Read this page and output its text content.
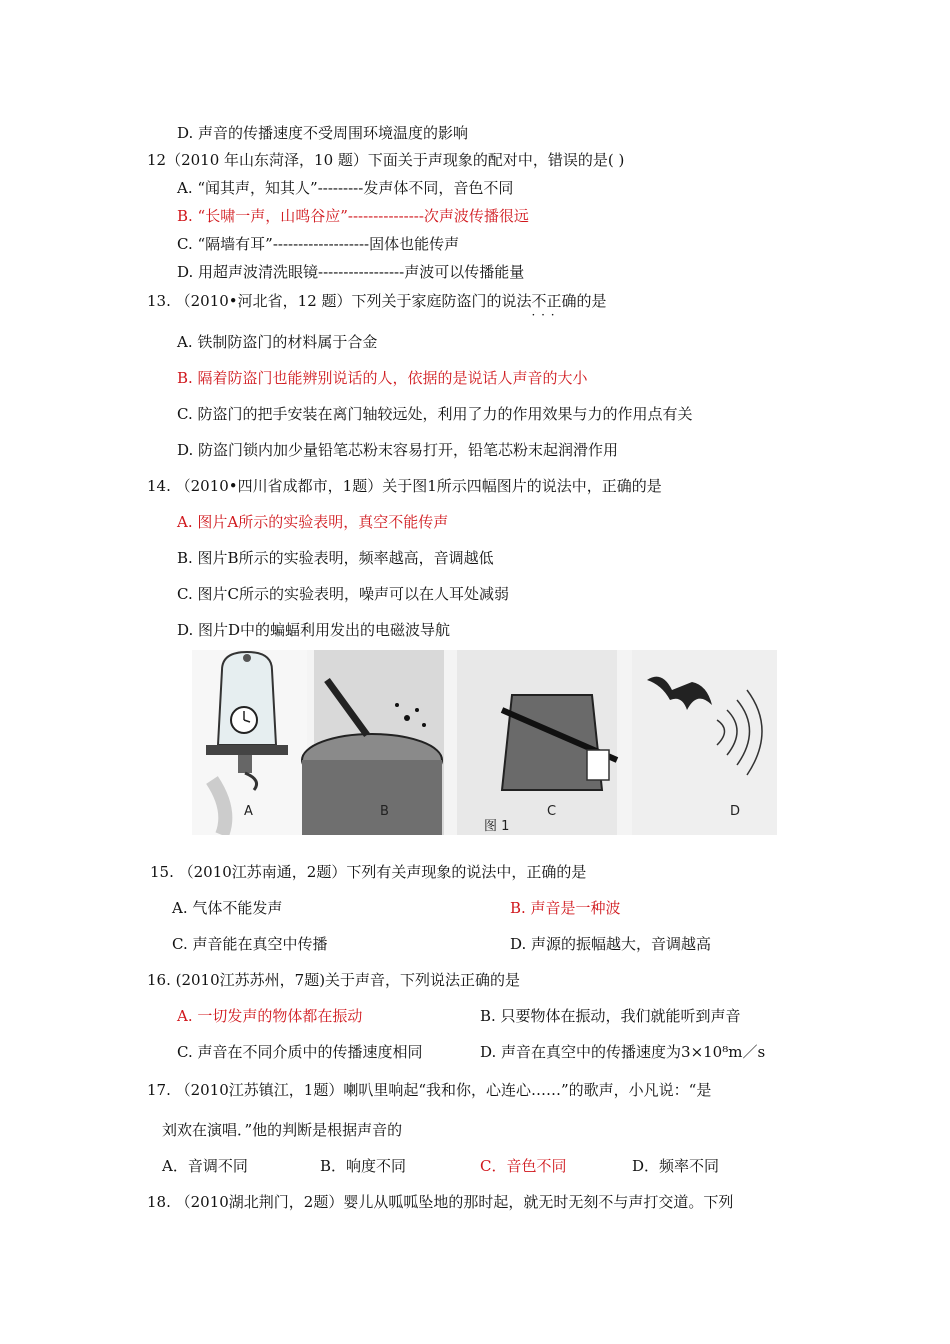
D. 声音的传播速度不受周围环境温度的影响
12（2010 年山东菏泽，10 题）下面关于声现象的配对中，错误的是( )
A. “闻其声，知其人”---------发声体不同，音色不同
B. “长啸一声，山鸣谷应”---------------次声波传播很远
C. “隔墙有耳”-------------------固体也能传声
D. 用超声波清洗眼镜-----------------声波可以传播能量
13. （2010•河北省，12 题）下列关于家庭防盗门的说法不正确 · · ·的是
A. 铁制防盗门的材料属于合金
B. 隔着防盗门也能辨别说话的人，依据的是说话人声音的大小
C. 防盗门的把手安装在离门轴较远处，利用了力的作用效果与力的作用点有关
D. 防盗门锁内加少量铅笔芯粉末容易打开，铅笔芯粉末起润滑作用
14. （2010•四川省成都市，1题）关于图1所示四幅图片的说法中，正确的是
A. 图片A所示的实验表明，真空不能传声
B. 图片B所示的实验表明，频率越高，音调越低
C. 图片C所示的实验表明，噪声可以在人耳处减弱
D. 图片D中的蝙蝠利用发出的电磁波导航
A	B	C	D
图 1
15. （2010江苏南通，2题）下列有关声现象的说法中，正确的是
A. 气体不能发声	B. 声音是一种波
C. 声音能在真空中传播	D. 声源的振幅越大，音调越高
16. (2010江苏苏州，7题)关于声音，下列说法正确的是
A. 一切发声的物体都在振动	B. 只要物体在振动，我们就能听到声音
C. 声音在不同介质中的传播速度相同	D. 声音在真空中的传播速度为3×10⁸m／s
17. （2010江苏镇江，1题）喇叭里响起“我和你，心连心……”的歌声，小凡说：“是
刘欢在演唱．”他的判断是根据声音的
A．音调不同	B．响度不同	C．音色不同	D．频率不同
18. （2010湖北荆门，2题）婴儿从呱呱坠地的那时起，就无时无刻不与声打交道。下列
